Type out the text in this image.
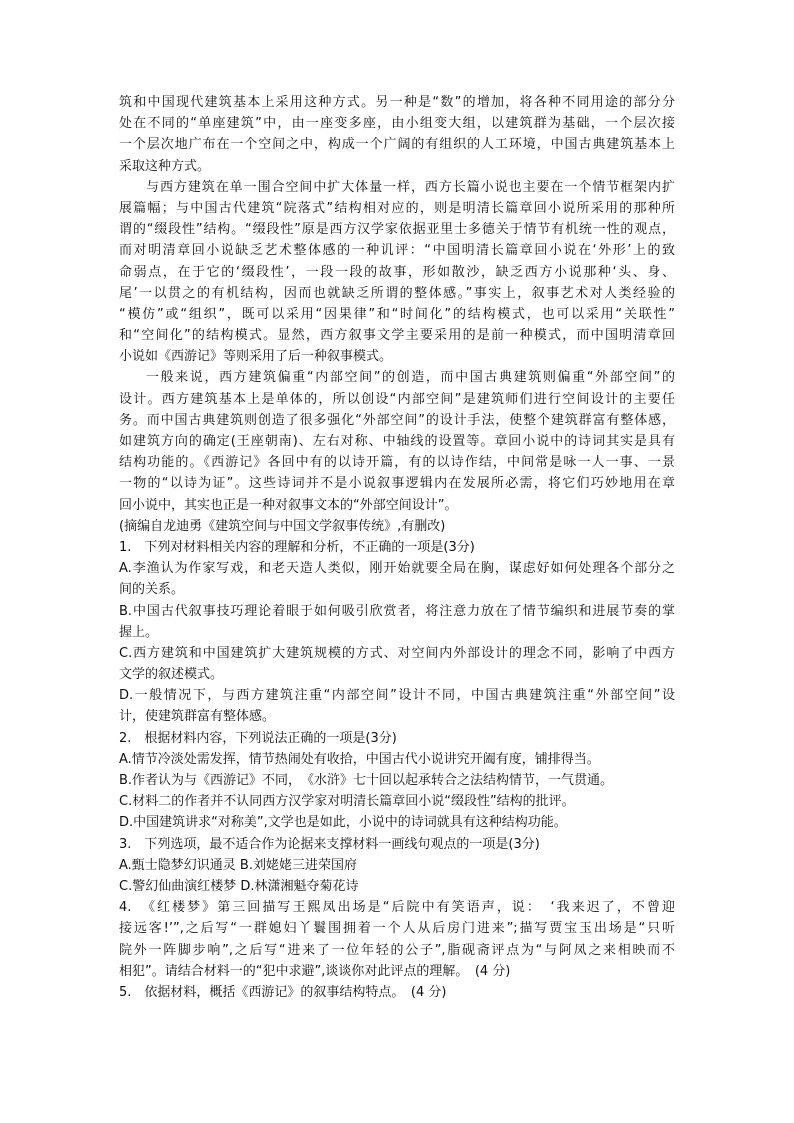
筑和中国现代建筑基本上采用这种方式。另一种是“数”的增加，将各种不同用途的部分分
处在不同的“单座建筑”中，由一座变多座，由小组变大组，以建筑群为基础，一个层次接
一个层次地广布在一个空间之中，构成一个广阔的有组织的人工环境，中国古典建筑基本上
采取这种方式。
与西方建筑在单一围合空间中扩大体量一样，西方长篇小说也主要在一个情节框架内扩
展篇幅；与中国古代建筑“院落式”结构相对应的，则是明清长篇章回小说所采用的那种所
谓的“缀段性”结构。“缀段性”原是西方汉学家依据亚里士多德关于情节有机统一性的观点，
而对明清章回小说缺乏艺术整体感的一种讥评：“中国明清长篇章回小说在‘外形’上的致
命弱点，在于它的‘缀段性’，一段一段的故事，形如散沙，缺乏西方小说那种‘头、身、
尾’一以贯之的有机结构，因而也就缺乏所谓的整体感。”事实上，叙事艺术对人类经验的
“模仿”或“组织”，既可以采用“因果律”和“时间化”的结构模式，也可以采用“关联性”
和“空间化”的结构模式。显然，西方叙事文学主要采用的是前一种模式，而中国明清章回
小说如《西游记》等则采用了后一种叙事模式。
一般来说，西方建筑偏重“内部空间”的创造，而中国古典建筑则偏重“外部空间”的
设计。西方建筑基本上是单体的，所以创设“内部空间”是建筑师们进行空间设计的主要任
务。而中国古典建筑则创造了很多强化“外部空间”的设计手法，使整个建筑群富有整体感，
如建筑方向的确定(王座朝南)、左右对称、中轴线的设置等。章回小说中的诗词其实是具有
结构功能的。《西游记》各回中有的以诗开篇，有的以诗作结，中间常是咏一人一事、一景
一物的“以诗为证”。这些诗词并不是小说叙事逻辑内在发展所必需，将它们巧妙地用在章
回小说中，其实也正是一种对叙事文本的“外部空间设计”。
(摘编自龙迪勇《建筑空间与中国文学叙事传统》,有删改)
1.　下列对材料相关内容的理解和分析，不正确的一项是(3分)
A.李渔认为作家写戏，和老天造人类似，刚开始就要全局在胸，谋虑好如何处理各个部分之
间的关系。
B.中国古代叙事技巧理论着眼于如何吸引欣赏者，将注意力放在了情节编织和进展节奏的掌
握上。
C.西方建筑和中国建筑扩大建筑规模的方式、对空间内外部设计的理念不同，影响了中西方
文学的叙述模式。
D.一般情况下，与西方建筑注重“内部空间”设计不同，中国古典建筑注重“外部空间”设
计，使建筑群富有整体感。
2.　根据材料内容，下列说法正确的一项是(3分)
A.情节冷淡处需发挥，情节热闹处有收拾，中国古代小说讲究开阖有度，铺排得当。
B.作者认为与《西游记》不同，　《水浒》七十回以起承转合之法结构情节，一气贯通。
C.材料二的作者并不认同西方汉学家对明清长篇章回小说“缀段性”结构的批评。
D.中国建筑讲求“对称美”,文学也是如此，小说中的诗词就具有这种结构功能。
3.　下列选项，最不适合作为论据来支撑材料一画线句观点的一项是(3分)
A.甄士隐梦幻识通灵 B.刘姥姥三进荣国府
C.警幻仙曲演红楼梦 D.林潇湘魁夺菊花诗
4.　《红楼梦》第三回描写王熙凤出场是“后院中有笑语声，说：　‘我来迟了，不曾迎
接远客!’”,之后写“一群媳妇丫鬟围拥着一个人从后房门进来”;描写贾宝玉出场是“只听
院外一阵脚步响”,之后写“进来了一位年轻的公子”,脂砚斋评点为“与阿凤之来相映而不
相犯”。请结合材料一的“犯中求避”,谈谈你对此评点的理解。　(4 分)
5.　依据材料，概括《西游记》的叙事结构特点。　(4 分)
